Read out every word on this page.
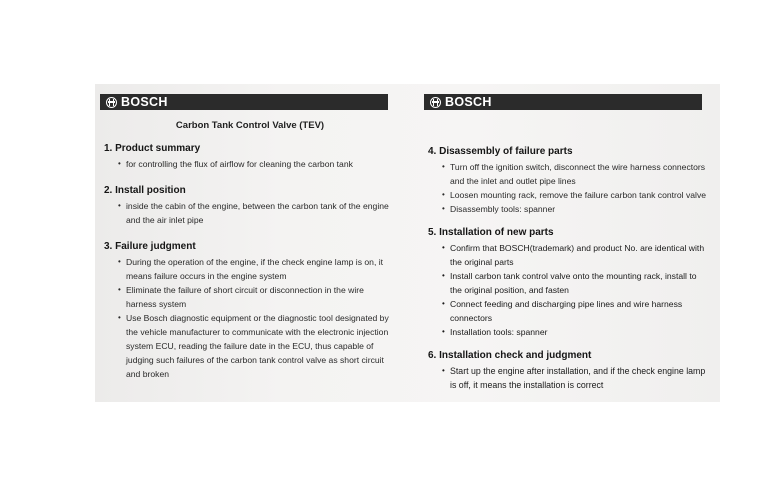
BOSCH
Carbon Tank Control Valve (TEV)
1. Product summary
• for controlling the flux of airflow for cleaning the carbon tank
2. Install position
• inside the cabin of the engine, between the carbon tank of the engine and the air inlet pipe
3. Failure judgment
• During the operation of the engine, if the check engine lamp is on, it means failure occurs in the engine system
• Eliminate the failure of short circuit or disconnection in the wire harness system
• Use Bosch diagnostic equipment or the diagnostic tool designated by the vehicle manufacturer to communicate with the electronic injection system ECU, reading the failure date in the ECU, thus capable of judging such failures of the carbon tank control valve as short circuit and broken
BOSCH
4. Disassembly of failure parts
• Turn off the ignition switch, disconnect the wire harness connectors and the inlet and outlet pipe lines
• Loosen mounting rack, remove the failure carbon tank control valve
• Disassembly tools: spanner
5. Installation of new parts
• Confirm that BOSCH(trademark) and product No. are identical with the original parts
• Install carbon tank control valve onto the mounting rack, install to the original position, and fasten
• Connect feeding and discharging pipe lines and wire harness connectors
• Installation tools: spanner
6. Installation check and judgment
• Start up the engine after installation, and if the check engine lamp is off, it means the installation is correct
